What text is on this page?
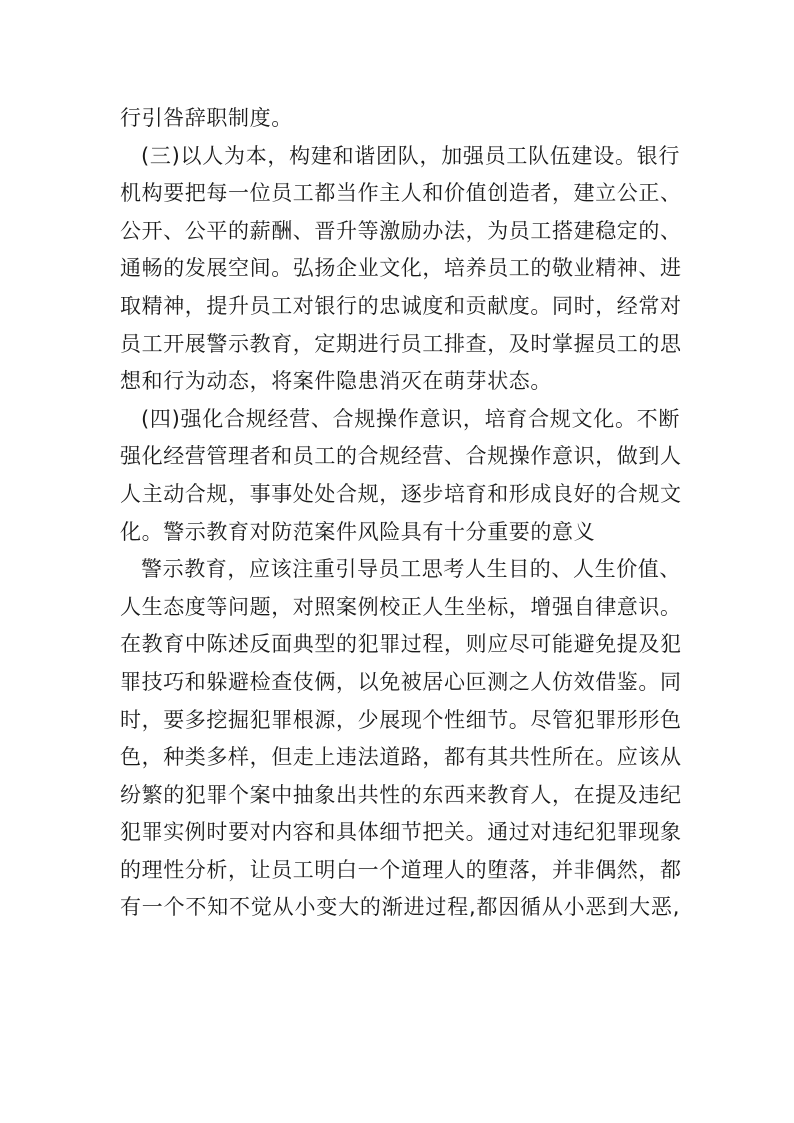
行引咎辞职制度。
(三)以人为本，构建和谐团队，加强员工队伍建设。银行
机构要把每一位员工都当作主人和价值创造者，建立公正、
公开、公平的薪酬、晋升等激励办法，为员工搭建稳定的、
通畅的发展空间。弘扬企业文化，培养员工的敬业精神、进
取精神，提升员工对银行的忠诚度和贡献度。同时，经常对
员工开展警示教育，定期进行员工排查，及时掌握员工的思
想和行为动态，将案件隐患消灭在萌芽状态。
(四)强化合规经营、合规操作意识，培育合规文化。不断
强化经营管理者和员工的合规经营、合规操作意识，做到人
人主动合规，事事处处合规，逐步培育和形成良好的合规文
化。警示教育对防范案件风险具有十分重要的意义
警示教育，应该注重引导员工思考人生目的、人生价值、
人生态度等问题，对照案例校正人生坐标，增强自律意识。
在教育中陈述反面典型的犯罪过程，则应尽可能避免提及犯
罪技巧和躲避检查伎俩，以免被居心叵测之人仿效借鉴。同
时，要多挖掘犯罪根源，少展现个性细节。尽管犯罪形形色
色，种类多样，但走上违法道路，都有其共性所在。应该从
纷繁的犯罪个案中抽象出共性的东西来教育人，在提及违纪
犯罪实例时要对内容和具体细节把关。通过对违纪犯罪现象
的理性分析，让员工明白一个道理人的堕落，并非偶然，都
有一个不知不觉从小变大的渐进过程,都因循从小恶到大恶,
